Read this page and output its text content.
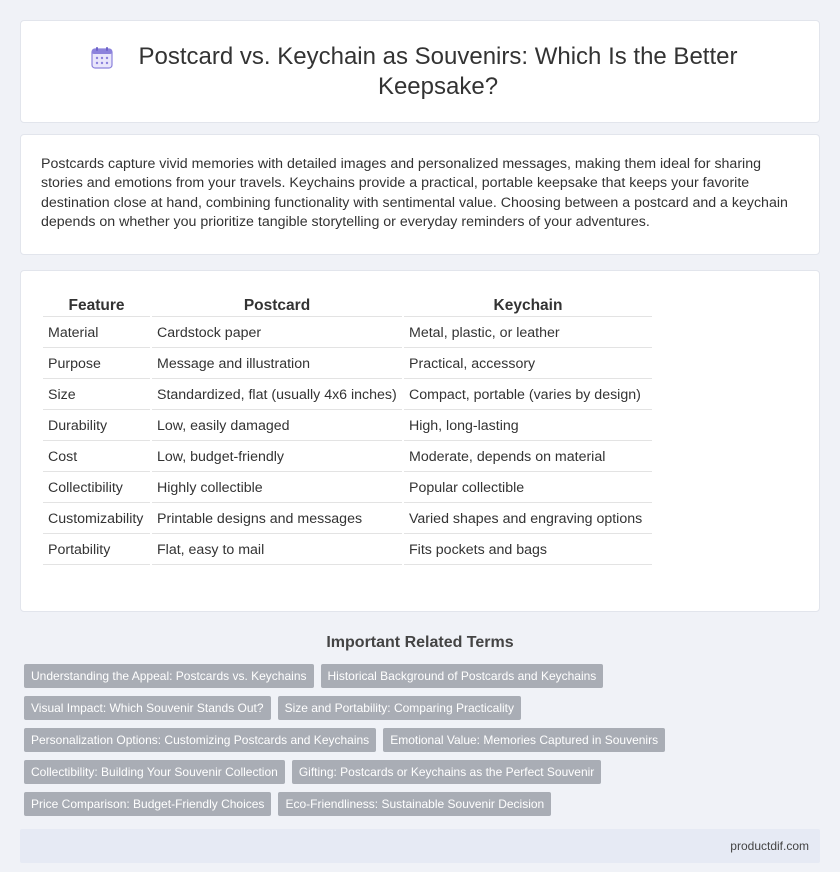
Postcard vs. Keychain as Souvenirs: Which Is the Better Keepsake?

Postcards capture vivid memories with detailed images and personalized messages, making them ideal for sharing stories and emotions from your travels. Keychains provide a practical, portable keepsake that keeps your favorite destination close at hand, combining functionality with sentimental value. Choosing between a postcard and a keychain depends on whether you prioritize tangible storytelling or everyday reminders of your adventures.

Feature	Postcard	Keychain
Material	Cardstock paper	Metal, plastic, or leather
Purpose	Message and illustration	Practical, accessory
Size	Standardized, flat (usually 4x6 inches)	Compact, portable (varies by design)
Durability	Low, easily damaged	High, long-lasting
Cost	Low, budget-friendly	Moderate, depends on material
Collectibility	Highly collectible	Popular collectible
Customizability	Printable designs and messages	Varied shapes and engraving options
Portability	Flat, easy to mail	Fits pockets and bags
Important Related Terms
Understanding the Appeal: Postcards vs. Keychains	Historical Background of Postcards and Keychains
Visual Impact: Which Souvenir Stands Out?	Size and Portability: Comparing Practicality
Personalization Options: Customizing Postcards and Keychains	Emotional Value: Memories Captured in Souvenirs
Collectibility: Building Your Souvenir Collection	Gifting: Postcards or Keychains as the Perfect Souvenir
Price Comparison: Budget-Friendly Choices	Eco-Friendliness: Sustainable Souvenir Decision
productdif.com
